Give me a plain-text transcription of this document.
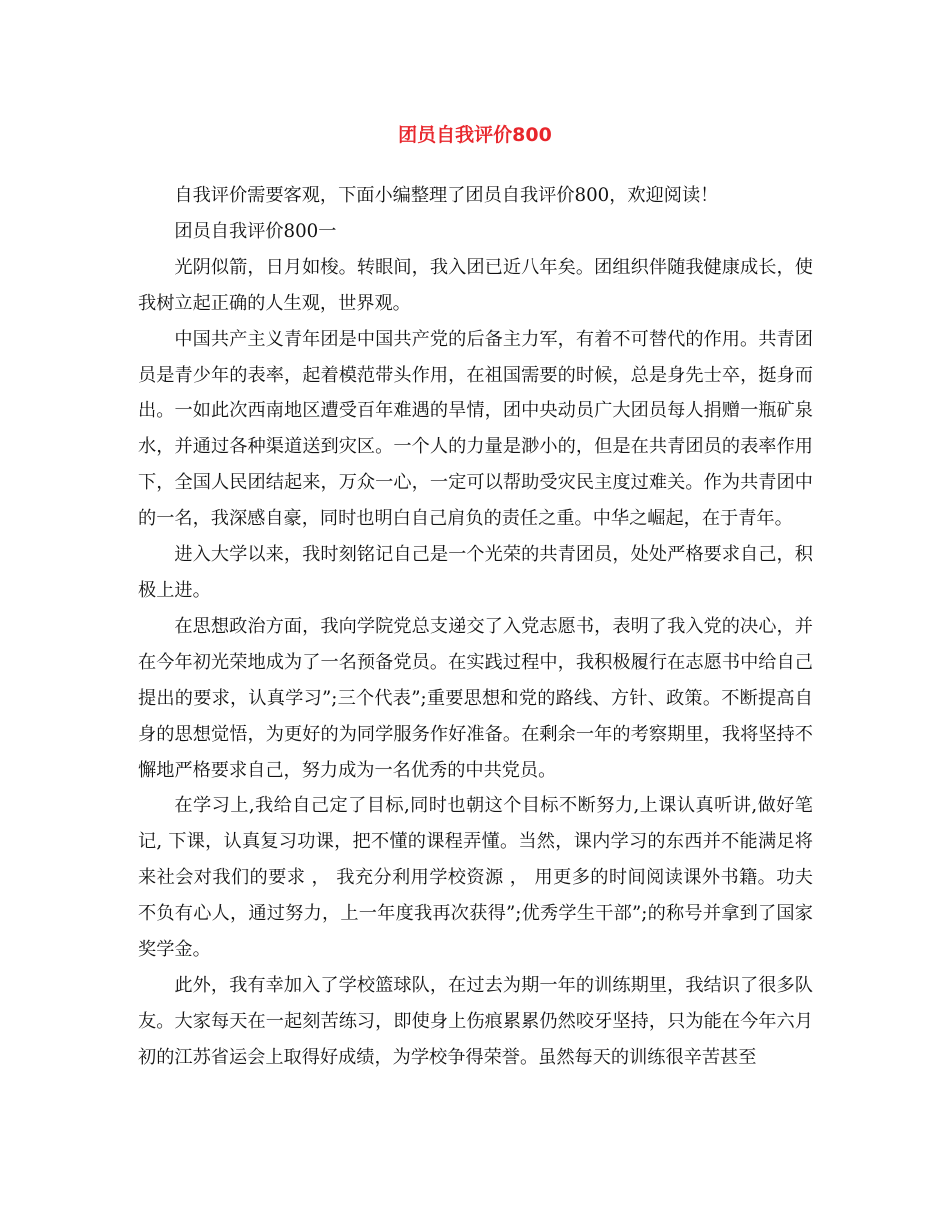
团员自我评价800

自我评价需要客观，下面小编整理了团员自我评价800，欢迎阅读！

团员自我评价800一

光阴似箭，日月如梭。转眼间，我入团已近八年矣。团组织伴随我健康成长，使我树立起正确的人生观，世界观。

中国共产主义青年团是中国共产党的后备主力军，有着不可替代的作用。共青团员是青少年的表率，起着模范带头作用，在祖国需要的时候，总是身先士卒，挺身而出。一如此次西南地区遭受百年难遇的旱情，团中央动员广大团员每人捐赠一瓶矿泉水，并通过各种渠道送到灾区。一个人的力量是渺小的，但是在共青团员的表率作用下，全国人民团结起来，万众一心，一定可以帮助受灾民主度过难关。作为共青团中的一名，我深感自豪，同时也明白自己肩负的责任之重。中华之崛起，在于青年。

进入大学以来，我时刻铭记自己是一个光荣的共青团员，处处严格要求自己，积极上进。

在思想政治方面，我向学院党总支递交了入党志愿书，表明了我入党的决心，并在今年初光荣地成为了一名预备党员。在实践过程中，我积极履行在志愿书中给自己提出的要求，认真学习”;三个代表”;重要思想和党的路线、方针、政策。不断提高自身的思想觉悟，为更好的为同学服务作好准备。在剩余一年的考察期里，我将坚持不懈地严格要求自己，努力成为一名优秀的中共党员。

在学习上,我给自己定了目标,同时也朝这个目标不断努力,上课认真听讲,做好笔记, 下课，认真复习功课，把不懂的课程弄懂。当然，课内学习的东西并不能满足将来社会对我们的要求 ， 我充分利用学校资源 ， 用更多的时间阅读课外书籍。功夫不负有心人，通过努力，上一年度我再次获得”;优秀学生干部”;的称号并拿到了国家奖学金。

此外，我有幸加入了学校篮球队，在过去为期一年的训练期里，我结识了很多队友。大家每天在一起刻苦练习，即使身上伤痕累累仍然咬牙坚持，只为能在今年六月初的江苏省运会上取得好成绩，为学校争得荣誉。虽然每天的训练很辛苦甚至
